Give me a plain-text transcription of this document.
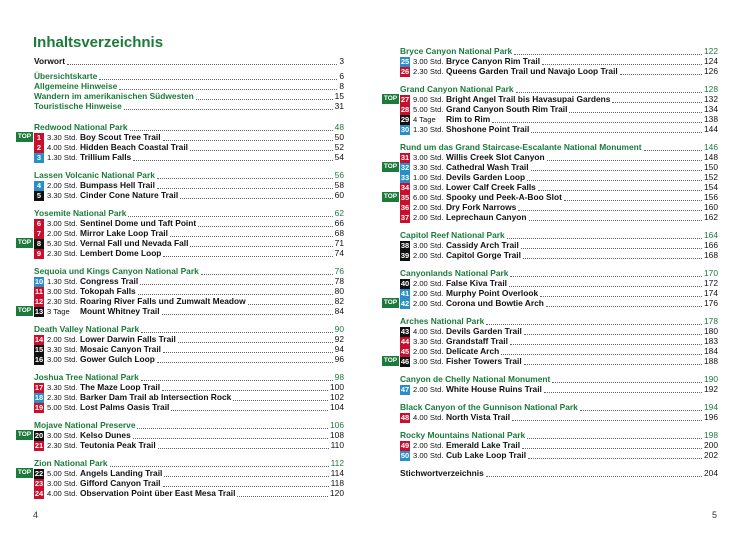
Inhaltsverzeichnis
Vorwort	3
Übersichtskarte	6
Allgemeine Hinweise	8
Wandern im amerikanischen Südwesten	15
Touristische Hinweise	31
Redwood National Park	48
TOP 1 3.30 Std. Boy Scout Tree Trail	50
2 4.00 Std. Hidden Beach Coastal Trail	52
3 1.30 Std. Trillium Falls	54
Lassen Volcanic National Park	56
4 2.00 Std. Bumpass Hell Trail	58
5 3.30 Std. Cinder Cone Nature Trail	60
Yosemite National Park	62
6 3.00 Std. Sentinel Dome und Taft Point	66
7 2.00 Std. Mirror Lake Loop Trail	68
TOP 8 5.30 Std. Vernal Fall und Nevada Fall	71
9 2.30 Std. Lembert Dome Loop	74
Sequoia und Kings Canyon National Park	76
10 1.30 Std. Congress Trail	78
11 3.00 Std. Tokopah Falls	80
12 2.30 Std. Roaring River Falls und Zumwalt Meadow	82
TOP 13 3 Tage	Mount Whitney Trail	84
Death Valley National Park	90
14 2.00 Std. Lower Darwin Falls Trail	92
15 3.30 Std. Mosaic Canyon Trail	94
16 3.00 Std. Gower Gulch Loop	96
Joshua Tree National Park	98
17 3.30 Std. The Maze Loop Trail	100
18 2.30 Std. Barker Dam Trail ab Intersection Rock	102
19 5.00 Std. Lost Palms Oasis Trail	104
Mojave National Preserve	106
TOP 20 3.00 Std. Kelso Dunes	108
21 2.30 Std. Teutonia Peak Trail	110
Zion National Park	112
TOP 22 5.00 Std. Angels Landing Trail	114
23 3.00 Std. Gifford Canyon Trail	118
24 4.00 Std. Observation Point über East Mesa Trail	120
Bryce Canyon National Park	122
25 3.00 Std. Bryce Canyon Rim Trail	124
26 2.30 Std. Queens Garden Trail und Navajo Loop Trail	126
Grand Canyon National Park	128
TOP 27 9.00 Std. Bright Angel Trail bis Havasupai Gardens	132
28 5.00 Std. Grand Canyon South Rim Trail	134
29 4 Tage	Rim to Rim	138
30 1.30 Std. Shoshone Point Trail	144
Rund um das Grand Staircase-Escalante National Monument	146
31 3.00 Std. Willis Creek Slot Canyon	148
TOP 32 3.30 Std. Cathedral Wash Trail	150
33 1.00 Std. Devils Garden Loop	152
34 3.00 Std. Lower Calf Creek Falls	154
TOP 35 6.00 Std. Spooky und Peek-A-Boo Slot	156
36 2.00 Std. Dry Fork Narrows	160
37 2.00 Std. Leprechaun Canyon	162
Capitol Reef National Park	164
38 3.00 Std. Cassidy Arch Trail	166
39 2.00 Std. Capitol Gorge Trail	168
Canyonlands National Park	170
40 2.00 Std. False Kiva Trail	172
41 2.00 Std. Murphy Point Overlook	174
TOP 42 2.00 Std. Corona und Bowtie Arch	176
Arches National Park	178
43 4.00 Std. Devils Garden Trail	180
44 3.30 Std. Grandstaff Trail	183
45 2.00 Std. Delicate Arch	184
TOP 46 3.00 Std. Fisher Towers Trail	188
Canyon de Chelly National Monument	190
47 2.00 Std. White House Ruins Trail	192
Black Canyon of the Gunnison National Park	194
48 4.00 Std. North Vista Trail	196
Rocky Mountains National Park	198
49 2.00 Std. Emerald Lake Trail	200
50 3.00 Std. Cub Lake Loop Trail	202
Stichwortverzeichnis	204
4	5
